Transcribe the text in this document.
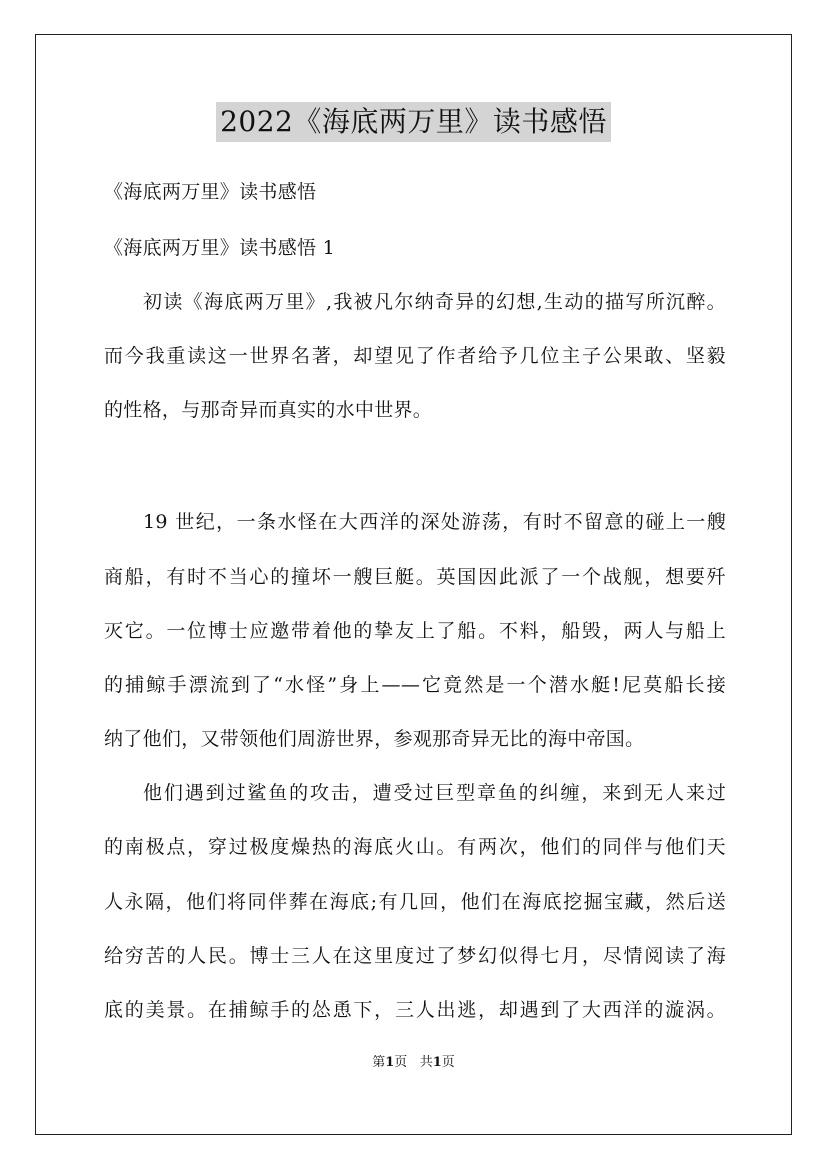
2022《海底两万里》读书感悟
《海底两万里》读书感悟
《海底两万里》读书感悟 1
初读《海底两万里》,我被凡尔纳奇异的幻想,生动的描写所沉醉。
而今我重读这一世界名著，却望见了作者给予几位主子公果敢、坚毅
的性格，与那奇异而真实的水中世界。
19 世纪，一条水怪在大西洋的深处游荡，有时不留意的碰上一艘
商船，有时不当心的撞坏一艘巨艇。英国因此派了一个战舰，想要歼
灭它。一位博士应邀带着他的挚友上了船。不料，船毁，两人与船上
的捕鲸手漂流到了“水怪”身上——它竟然是一个潜水艇!尼莫船长接
纳了他们，又带领他们周游世界，参观那奇异无比的海中帝国。
他们遇到过鲨鱼的攻击，遭受过巨型章鱼的纠缠，来到无人来过
的南极点，穿过极度燥热的海底火山。有两次，他们的同伴与他们天
人永隔，他们将同伴葬在海底;有几回，他们在海底挖掘宝藏，然后送
给穷苦的人民。博士三人在这里度过了梦幻似得七月，尽情阅读了海
底的美景。在捕鲸手的怂恿下，三人出逃，却遇到了大西洋的漩涡。
第1页 共1页
